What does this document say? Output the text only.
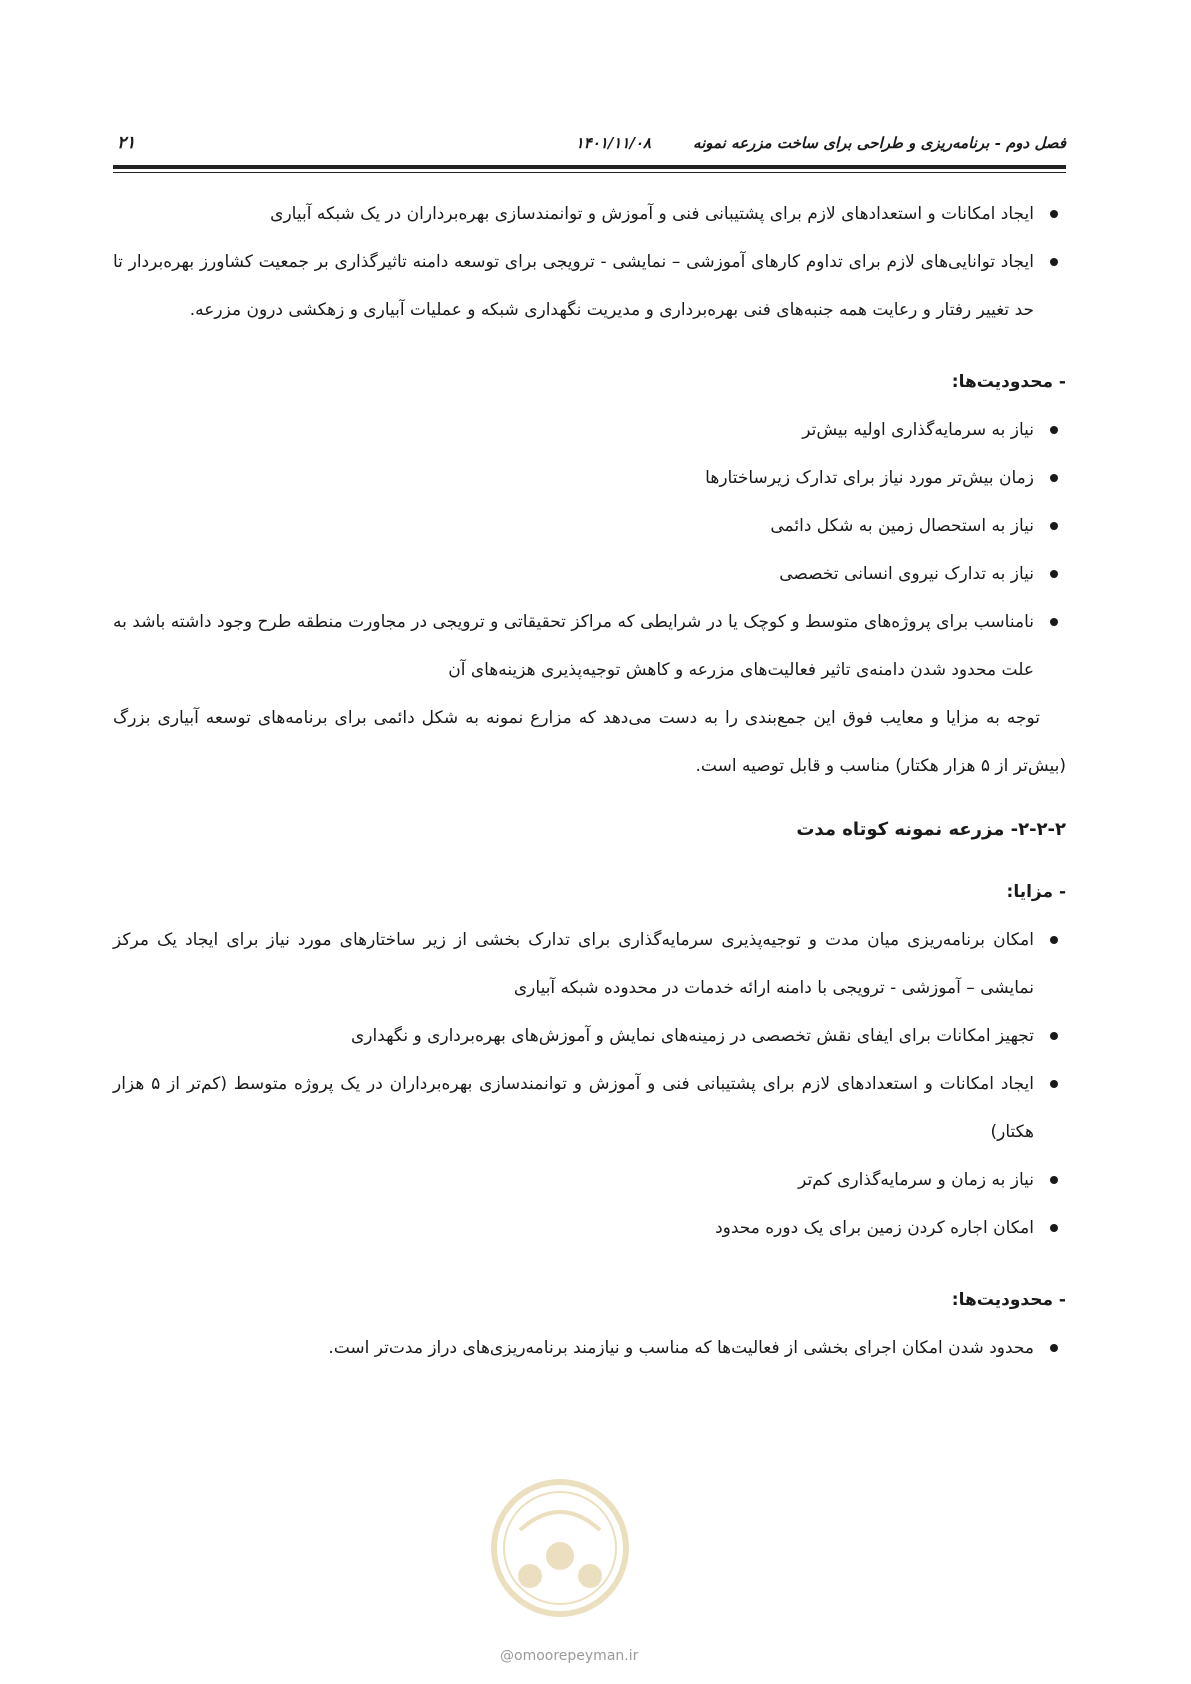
فصل دوم - برنامه‌ریزی و طراحی برای ساخت مزرعه نمونه
۱۴۰۱/۱۱/۰۸
۲۱
ایجاد امکانات و استعدادهای لازم برای پشتیبانی فنی و آموزش و توانمندسازی بهره‌برداران در یک شبکه آبیاری
ایجاد توانایی‌های لازم برای تداوم کارهای آموزشی – نمایشی - ترویجی برای توسعه دامنه تاثیرگذاری بر جمعیت کشاورز بهره‌بردار تا حد تغییر رفتار و رعایت همه جنبه‌های فنی بهره‌برداری و مدیریت نگهداری شبکه و عملیات آبیاری و زهکشی درون مزرعه.
- محدودیت‌ها:
نیاز به سرمایه‌گذاری اولیه بیش‌تر
زمان بیش‌تر مورد نیاز برای تدارک زیرساختارها
نیاز به استحصال زمین به شکل دائمی
نیاز به تدارک نیروی انسانی تخصصی
نامناسب برای پروژه‌های متوسط و کوچک یا در شرایطی که مراکز تحقیقاتی و ترویجی در مجاورت منطقه طرح وجود داشته باشد به علت محدود شدن دامنه‌ی تاثیر فعالیت‌های مزرعه و کاهش توجیه‌پذیری هزینه‌های آن
توجه به مزایا و معایب فوق این جمع‌بندی را به دست می‌دهد که مزارع نمونه به شکل دائمی برای برنامه‌های توسعه آبیاری بزرگ (بیش‌تر از ۵ هزار هکتار) مناسب و قابل توصیه است.
۲-۲-۲- مزرعه نمونه کوتاه مدت
- مزایا:
امکان برنامه‌ریزی میان مدت و توجیه‌پذیری سرمایه‌گذاری برای تدارک بخشی از زیر ساختارهای مورد نیاز برای ایجاد یک مرکز نمایشی – آموزشی - ترویجی با دامنه ارائه خدمات در محدوده شبکه آبیاری
تجهیز امکانات برای ایفای نقش تخصصی در زمینه‌های نمایش و آموزش‌های بهره‌برداری و نگهداری
ایجاد امکانات و استعدادهای لازم برای پشتیبانی فنی و آموزش و توانمندسازی بهره‌برداران در یک پروژه متوسط (کم‌تر از ۵ هزار هکتار)
نیاز به زمان و سرمایه‌گذاری کم‌تر
امکان اجاره کردن زمین برای یک دوره محدود
- محدودیت‌ها:
محدود شدن امکان اجرای بخشی از فعالیت‌ها که مناسب و نیازمند برنامه‌ریزی‌های دراز مدت‌تر است.
@omoorepeyman.ir
